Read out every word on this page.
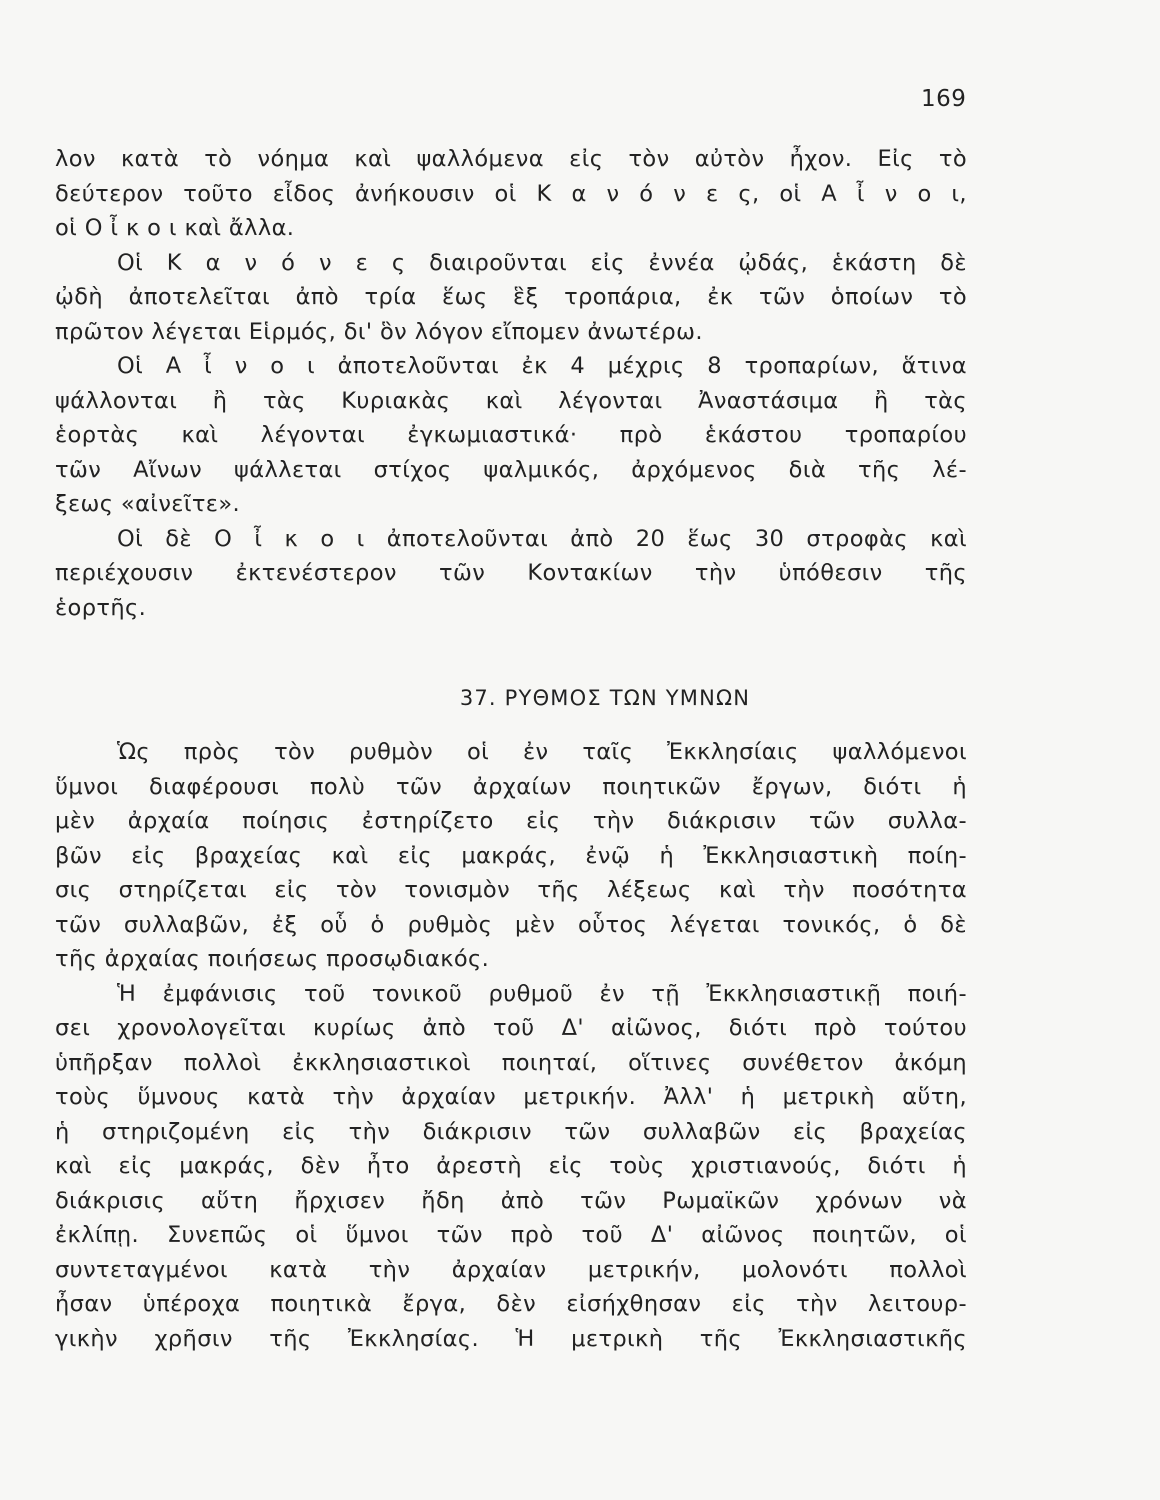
169
λον κατὰ τὸ νόημα καὶ ψαλλόμενα εἰς τὸν αὐτὸν ἦχον. Εἰς τὸ
δεύτερον τοῦτο εἶδος ἀνήκουσιν οἱ Κ α ν ό ν ε ς, οἱ Α ἶ ν ο ι,
οἱ Ο ἶ κ ο ι καὶ ἄλλα.
Οἱ Κ α ν ό ν ε ς διαιροῦνται εἰς ἐννέα ᾠδάς, ἑκάστη δὲ
ᾠδὴ ἀποτελεῖται ἀπὸ τρία ἕως ἓξ τροπάρια, ἐκ τῶν ὁποίων τὸ
πρῶτον λέγεται Εἱρμός, δι' ὃν λόγον εἴπομεν ἀνωτέρω.
Οἱ Α ἶ ν ο ι ἀποτελοῦνται ἐκ 4 μέχρις 8 τροπαρίων, ἅτινα
ψάλλονται ἢ τὰς Κυριακὰς καὶ λέγονται Ἀναστάσιμα ἢ τὰς
ἑορτὰς καὶ λέγονται ἐγκωμιαστικά· πρὸ ἑκάστου τροπαρίου
τῶν Αἴνων ψάλλεται στίχος ψαλμικός, ἀρχόμενος διὰ τῆς λέ-
ξεως «αἰνεῖτε».
Οἱ δὲ Ο ἶ κ ο ι ἀποτελοῦνται ἀπὸ 20 ἕως 30 στροφὰς καὶ
περιέχουσιν ἐκτενέστερον τῶν Κοντακίων τὴν ὑπόθεσιν τῆς
ἑορτῆς.
37. ΡΥΘΜΟΣ ΤΩΝ ΥΜΝΩΝ
Ὡς πρὸς τὸν ρυθμὸν οἱ ἐν ταῖς Ἐκκλησίαις ψαλλόμενοι
ὕμνοι διαφέρουσι πολὺ τῶν ἀρχαίων ποιητικῶν ἔργων, διότι ἡ
μὲν ἀρχαία ποίησις ἐστηρίζετο εἰς τὴν διάκρισιν τῶν συλλα-
βῶν εἰς βραχείας καὶ εἰς μακράς, ἐνῷ ἡ Ἐκκλησιαστικὴ ποίη-
σις στηρίζεται εἰς τὸν τονισμὸν τῆς λέξεως καὶ τὴν ποσότητα
τῶν συλλαβῶν, ἐξ οὗ ὁ ρυθμὸς μὲν οὗτος λέγεται τονικός, ὁ δὲ
τῆς ἀρχαίας ποιήσεως προσῳδιακός.
Ἡ ἐμφάνισις τοῦ τονικοῦ ρυθμοῦ ἐν τῇ Ἐκκλησιαστικῇ ποιή-
σει χρονολογεῖται κυρίως ἀπὸ τοῦ Δ' αἰῶνος, διότι πρὸ τούτου
ὑπῆρξαν πολλοὶ ἐκκλησιαστικοὶ ποιηταί, οἵτινες συνέθετον ἀκόμη
τοὺς ὕμνους κατὰ τὴν ἀρχαίαν μετρικήν. Ἀλλ' ἡ μετρικὴ αὕτη,
ἡ στηριζομένη εἰς τὴν διάκρισιν τῶν συλλαβῶν εἰς βραχείας
καὶ εἰς μακράς, δὲν ἦτο ἀρεστὴ εἰς τοὺς χριστιανούς, διότι ἡ
διάκρισις αὕτη ἤρχισεν ἤδη ἀπὸ τῶν Ρωμαϊκῶν χρόνων νὰ
ἐκλίπῃ. Συνεπῶς οἱ ὕμνοι τῶν πρὸ τοῦ Δ' αἰῶνος ποιητῶν, οἱ
συντεταγμένοι κατὰ τὴν ἀρχαίαν μετρικήν, μολονότι πολλοὶ
ἦσαν ὑπέροχα ποιητικὰ ἔργα, δὲν εἰσήχθησαν εἰς τὴν λειτουρ-
γικὴν χρῆσιν τῆς Ἐκκλησίας. Ἡ μετρικὴ τῆς Ἐκκλησιαστικῆς
